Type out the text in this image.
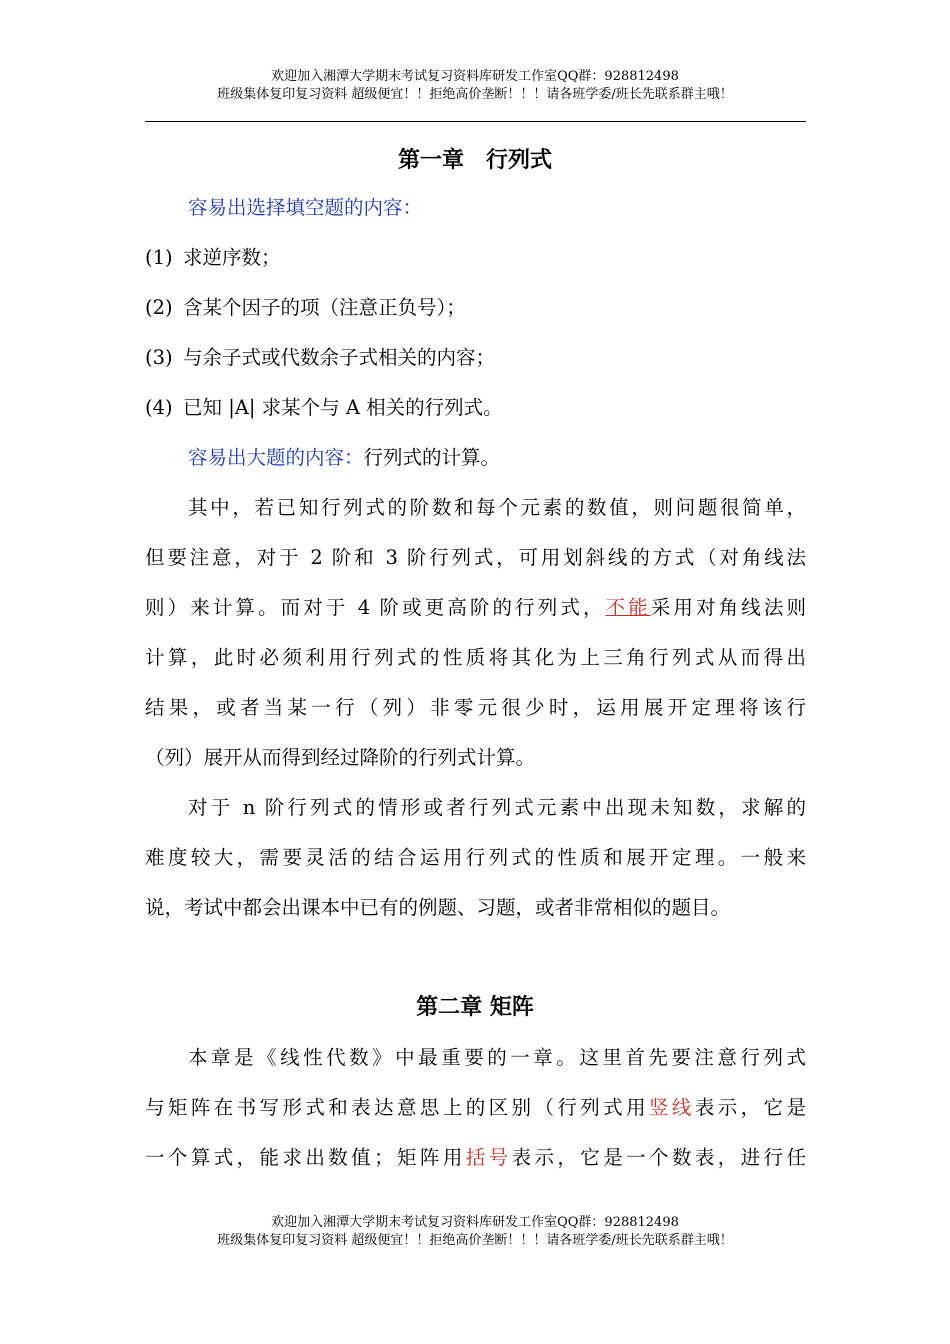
欢迎加入湘潭大学期末考试复习资料库研发工作室QQ群：928812498
班级集体复印复习资料 超级便宜！！拒绝高价垄断！！！请各班学委/班长先联系群主哦！
第一章　行列式
容易出选择填空题的内容：
(1) 求逆序数；
(2) 含某个因子的项（注意正负号）；
(3) 与余子式或代数余子式相关的内容；
(4) 已知 |A| 求某个与 A 相关的行列式。
容易出大题的内容：行列式的计算。
其中，若已知行列式的阶数和每个元素的数值，则问题很简单，
但要注意，对于 2 阶和 3 阶行列式，可用划斜线的方式（对角线法
则）来计算。而对于 4 阶或更高阶的行列式，不能采用对角线法则
计算，此时必须利用行列式的性质将其化为上三角行列式从而得出
结果，或者当某一行（列）非零元很少时，运用展开定理将该行
（列）展开从而得到经过降阶的行列式计算。
对于 n 阶行列式的情形或者行列式元素中出现未知数，求解的
难度较大，需要灵活的结合运用行列式的性质和展开定理。一般来
说，考试中都会出课本中已有的例题、习题，或者非常相似的题目。
第二章 矩阵
本章是《线性代数》中最重要的一章。这里首先要注意行列式
与矩阵在书写形式和表达意思上的区别（行列式用竖线表示，它是
一个算式，能求出数值；矩阵用括号表示，它是一个数表，进行任
欢迎加入湘潭大学期末考试复习资料库研发工作室QQ群：928812498
班级集体复印复习资料 超级便宜！！拒绝高价垄断！！！请各班学委/班长先联系群主哦！
